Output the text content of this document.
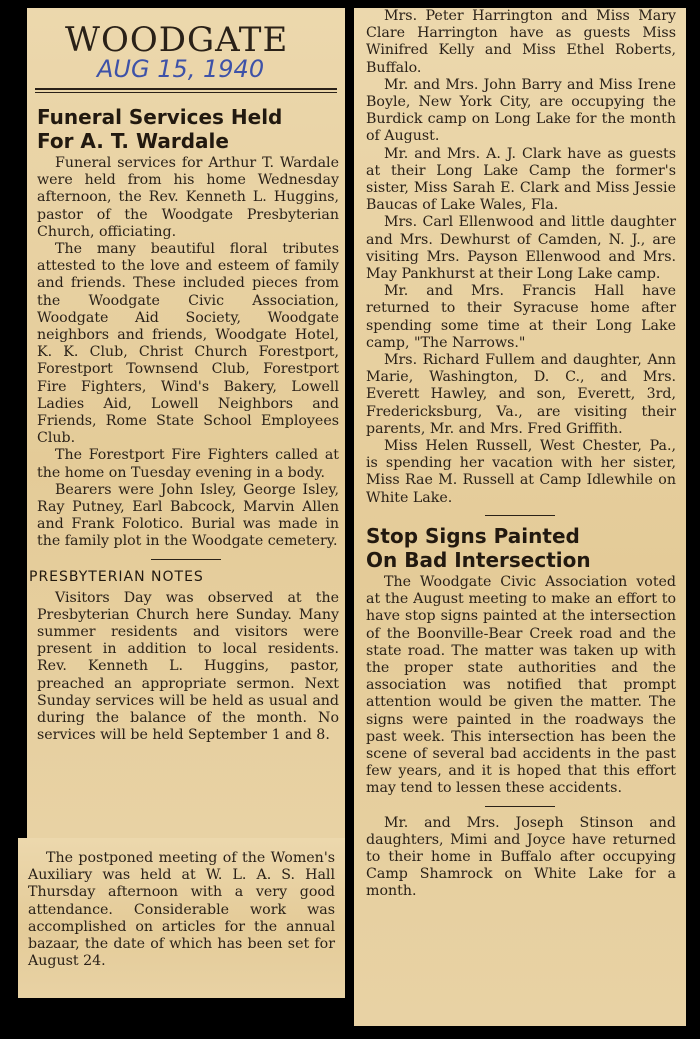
WOODGATE
AUG 15, 1940
Funeral Services Held
For A. T. Wardale
Funeral services for Arthur T. Wardale were held from his home Wednesday afternoon, the Rev. Kenneth L. Huggins, pastor of the Woodgate Presbyterian Church, officiating.
The many beautiful floral tributes attested to the love and esteem of family and friends. These included pieces from the Woodgate Civic Association, Woodgate Aid Society, Woodgate neighbors and friends, Woodgate Hotel, K. K. Club, Christ Church Forestport, Forestport Townsend Club, Forestport Fire Fighters, Wind's Bakery, Lowell Ladies Aid, Lowell Neighbors and Friends, Rome State School Employees Club.
The Forestport Fire Fighters called at the home on Tuesday evening in a body.
Bearers were John Isley, George Isley, Ray Putney, Earl Babcock, Marvin Allen and Frank Folotico. Burial was made in the family plot in the Woodgate cemetery.
PRESBYTERIAN NOTES
Visitors Day was observed at the Presbyterian Church here Sunday. Many summer residents and visitors were present in addition to local residents. Rev. Kenneth L. Huggins, pastor, preached an appropriate sermon. Next Sunday services will be held as usual and during the balance of the month. No services will be held September 1 and 8.
The postponed meeting of the Women's Auxiliary was held at W. L. A. S. Hall Thursday afternoon with a very good attendance. Considerable work was accomplished on articles for the annual bazaar, the date of which has been set for August 24.
Mrs. Peter Harrington and Miss Mary Clare Harrington have as guests Miss Winifred Kelly and Miss Ethel Roberts, Buffalo.
Mr. and Mrs. John Barry and Miss Irene Boyle, New York City, are occupying the Burdick camp on Long Lake for the month of August.
Mr. and Mrs. A. J. Clark have as guests at their Long Lake Camp the former's sister, Miss Sarah E. Clark and Miss Jessie Baucas of Lake Wales, Fla.
Mrs. Carl Ellenwood and little daughter and Mrs. Dewhurst of Camden, N. J., are visiting Mrs. Payson Ellenwood and Mrs. May Pankhurst at their Long Lake camp.
Mr. and Mrs. Francis Hall have returned to their Syracuse home after spending some time at their Long Lake camp, "The Narrows."
Mrs. Richard Fullem and daughter, Ann Marie, Washington, D. C., and Mrs. Everett Hawley, and son, Everett, 3rd, Fredericksburg, Va., are visiting their parents, Mr. and Mrs. Fred Griffith.
Miss Helen Russell, West Chester, Pa., is spending her vacation with her sister, Miss Rae M. Russell at Camp Idlewhile on White Lake.
Stop Signs Painted
On Bad Intersection
The Woodgate Civic Association voted at the August meeting to make an effort to have stop signs painted at the intersection of the Boonville-Bear Creek road and the state road. The matter was taken up with the proper state authorities and the association was notified that prompt attention would be given the matter. The signs were painted in the roadways the past week. This intersection has been the scene of several bad accidents in the past few years, and it is hoped that this effort may tend to lessen these accidents.
Mr. and Mrs. Joseph Stinson and daughters, Mimi and Joyce have returned to their home in Buffalo after occupying Camp Shamrock on White Lake for a month.
